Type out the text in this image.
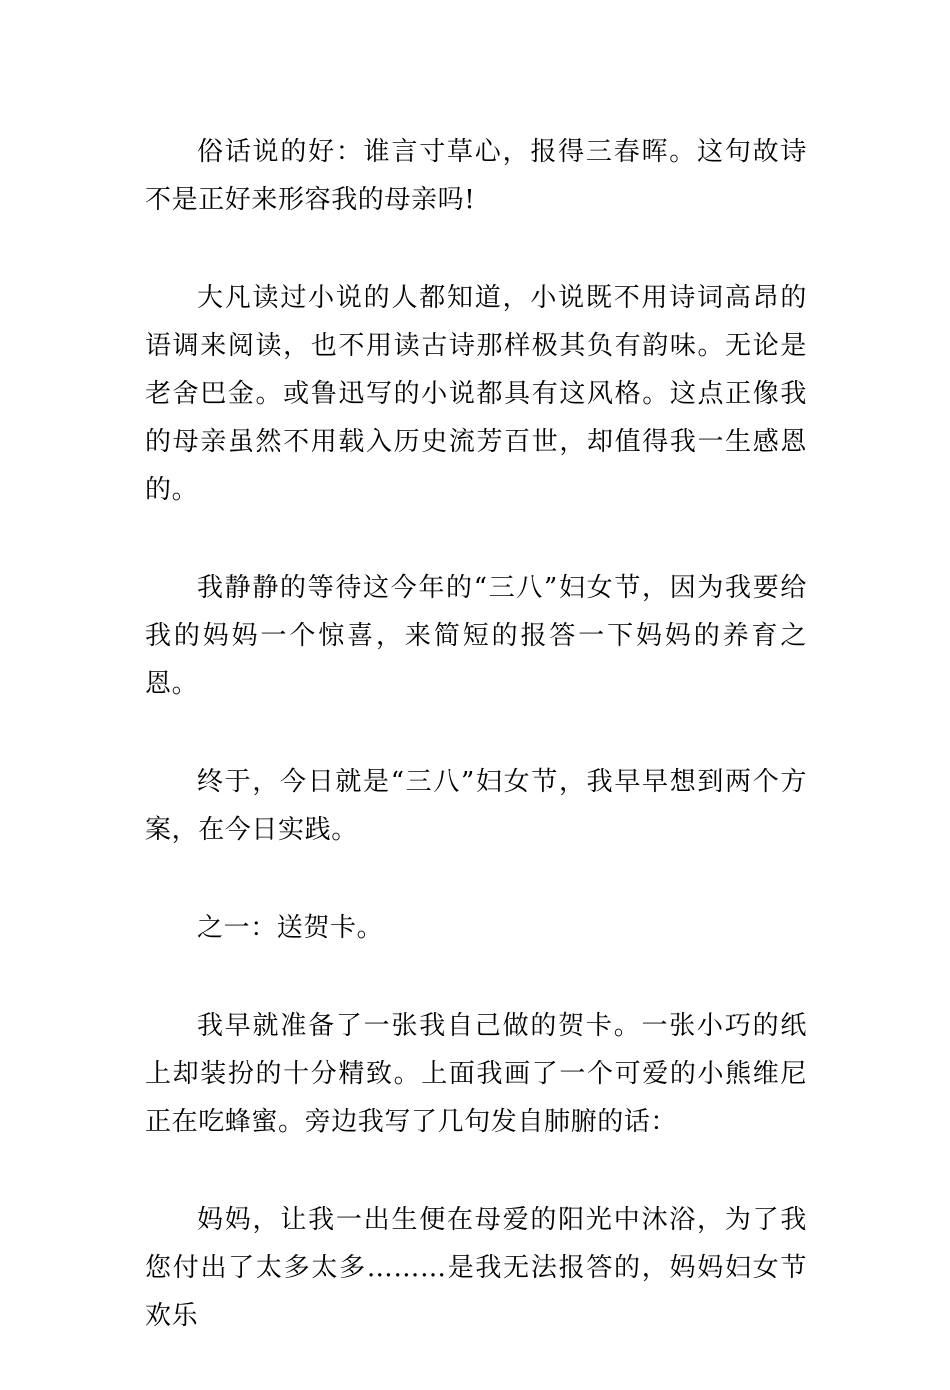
俗话说的好：谁言寸草心，报得三春晖。这句故诗不是正好来形容我的母亲吗!

大凡读过小说的人都知道，小说既不用诗词高昂的语调来阅读，也不用读古诗那样极其负有韵味。无论是老舍巴金。或鲁迅写的小说都具有这风格。这点正像我的母亲虽然不用载入历史流芳百世，却值得我一生感恩的。

我静静的等待这今年的“三八”妇女节，因为我要给我的妈妈一个惊喜，来简短的报答一下妈妈的养育之恩。

终于，今日就是“三八”妇女节，我早早想到两个方案，在今日实践。

之一：送贺卡。

我早就准备了一张我自己做的贺卡。一张小巧的纸上却装扮的十分精致。上面我画了一个可爱的小熊维尼正在吃蜂蜜。旁边我写了几句发自肺腑的话：

妈妈，让我一出生便在母爱的阳光中沐浴，为了我您付出了太多太多………是我无法报答的，妈妈妇女节欢乐
